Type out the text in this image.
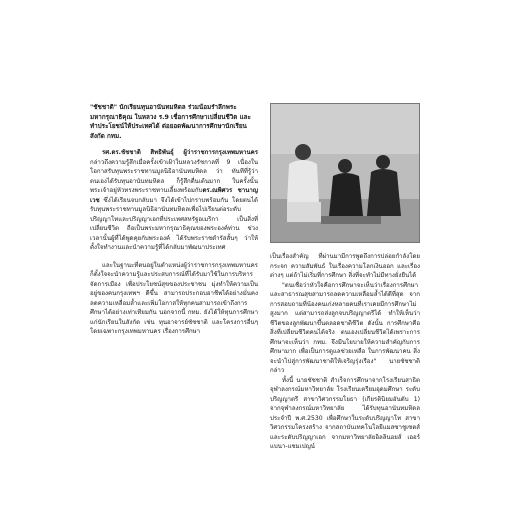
"ชัชชาติ" นักเรียนทุนอานันทมหิดล ร่วมน้อมรำลึกพระมหากรุณาธิคุณ ในหลวง ร.9 เชื่อการศึกษาเปลี่ยนชีวิต และทำประโยชน์ให้ประเทศได้ ต่อยอดพัฒนาการศึกษานักเรียนสังกัด กทม.

รศ.ดร.ชัชชาติ สิทธิพันธุ์ ผู้ว่าราชการกรุงเทพมหานคร กล่าวถึงความรู้สึกเมื่อครั้งเข้าเฝ้าในหลวงรัชกาลที่ 9 เนื่องในโอกาสรับทุนพระราชทานมูลนิธิอานันทมหิดล ว่า ทันทีที่รู้ว่าตนเองได้รับทุนอานันทมหิดล ก็รู้สึกตื่นเต้นมาก ในครั้งนั้นพระเจ้าอยู่หัวทรงพระราชทานเลี้ยงพร้อมกับดร.ณพิศวร ชานาญเวช ซึ่งได้เรียนจบกลับมา จึงได้เข้าไปกราบพร้อมกัน โดยตนได้รับทุนพระราชทานมูลนิธิอานันทมหิดลเพื่อไปเรียนต่อระดับปริญญาโทและปริญญาเอกที่ประเทศสหรัฐอเมริกา เป็นสิ่งที่เปลี่ยนชีวิต ถือเป็นพระมหากรุณาธิคุณของพระองค์ท่าน ช่วงเวลานั้นผู้ที่ได้พูดคุยกับพระองค์ ได้รับพระราชดำรัสสั้นๆ ว่าให้ตั้งใจทำงานและนำความรู้ที่ได้กลับมาพัฒนาประเทศ

และในฐานะที่ตนอยู่ในตำแหน่งผู้ว่าราชการกรุงเทพมหานคร ก็ตั้งใจจะนำความรู้และประสบการณ์ที่ได้รับมาใช้ในการบริหารจัดการเมือง เพื่อประโยชน์สุขของประชาชน มุ่งทำให้ความเป็นอยู่ของคนกรุงเทพฯ ดีขึ้น สามารถประกอบอาชีพได้อย่างมั่นคง ลดความเหลื่อมล้ำและเพิ่มโอกาสให้ทุกคนสามารถเข้าถึงการศึกษาได้อย่างเท่าเทียมกัน นอกจากนี้ กทม. ยังได้ให้ทุนการศึกษาแก่นักเรียนในสังกัด เช่น ทุนอาจารย์ชัชชาติ และโครงการอื่นๆ โดยเฉพาะกรุงเทพมหานคร เรื่องการศึกษา

เป็นเรื่องสำคัญ ที่ผ่านมามีการพูดถึงการปล่อยกำลังโดยกระจก ความสัมพันธ์ ในเรื่องความโลกเงินออก และเรื่องต่างๆ แต่ถ้าไม่เริ่มที่การศึกษา สิ่งที่จะทำไม่มีทางยั่งยืนได้

"ตนเชื่อว่าหัวใจคือการศึกษาจะเห็นว่าเรื่องการศึกษาและสาธารณสุขสามารถลดความเหลื่อมล้ำได้ดีที่สุด จากการสอบถามที่น้องคนเก่งหลายคนที่เราเคยมีการศึกษาไม่สูงมาก แต่สามารถส่งลูกจบปริญญาตรีได้ ทำให้เห็นว่าชีวิตของลูกพัฒนาขึ้นตลอดชาติชีวิต ดังนั้น การศึกษาคือสิ่งที่เปลี่ยนชีวิตคนได้จริง ตนเองเปลี่ยนชีวิตได้เพราะการศึกษาจะเห็นว่า กทม. จึงมีนโยบายให้ความสำคัญกับการศึกษามาก เพื่อเป็นการดูแลช่วยเหลือ ในการพัฒนาคน สิ่งจะนำไปสู่การพัฒนาชาติให้เจริญรุ่งเรือง" นายชัชชาติ กล่าว

ทั้งนี้ นายชัชชาติ สำเร็จการศึกษาจากโรงเรียนสาธิตจุฬาลงกรณ์มหาวิทยาลัย โรงเรียนเตรียมอุดมศึกษา ระดับปริญญาตรี สาขาวิศวกรรมโยธา (เกียรตินิยมอันดับ 1) จากจุฬาลงกรณ์มหาวิทยาลัย ได้รับทุนอานันทมหิดล ประจำปี พ.ศ.2530 เพื่อศึกษาในระดับปริญญาโท สาขาวิศวกรรมโครงสร้าง จากสถาบันเทคโนโลยีแมสซาชูเซตส์ และระดับปริญญาเอก จากมหาวิทยาลัยอิลลินอยส์ เออร์แบนา-แชมเปญน์
